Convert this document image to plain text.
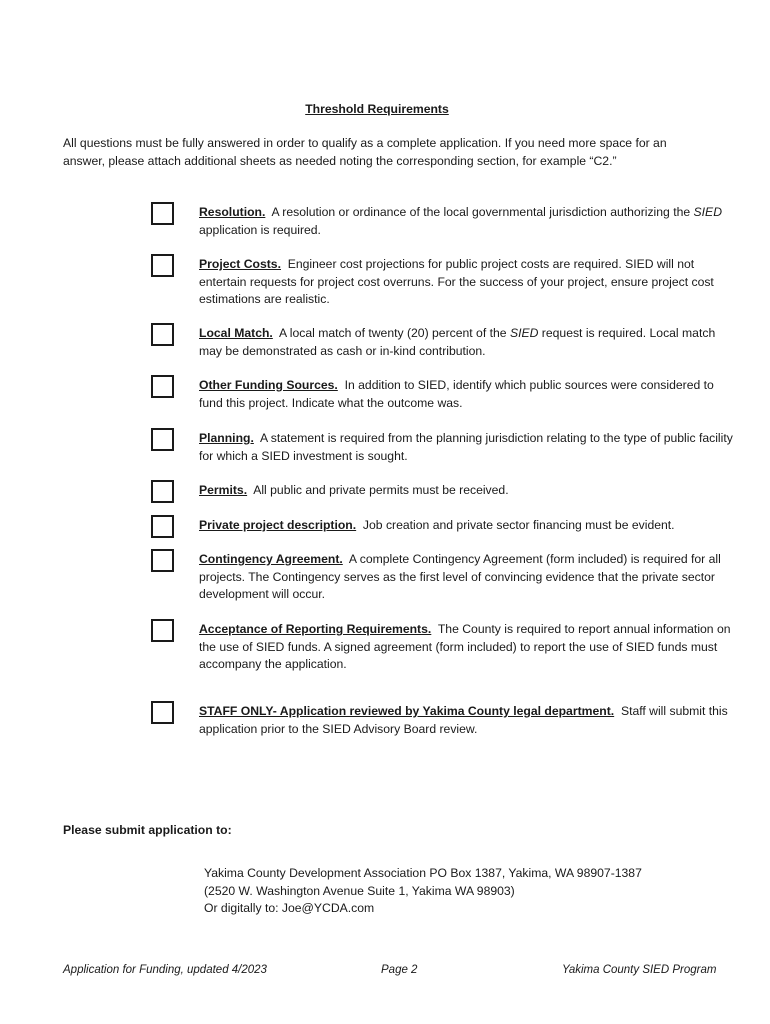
Threshold Requirements
All questions must be fully answered in order to qualify as a complete application. If you need more space for an answer, please attach additional sheets as needed noting the corresponding section, for example “C2.”
Resolution. A resolution or ordinance of the local governmental jurisdiction authorizing the SIED application is required.
Project Costs. Engineer cost projections for public project costs are required. SIED will not entertain requests for project cost overruns. For the success of your project, ensure project cost estimations are realistic.
Local Match. A local match of twenty (20) percent of the SIED request is required. Local match may be demonstrated as cash or in-kind contribution.
Other Funding Sources. In addition to SIED, identify which public sources were considered to fund this project. Indicate what the outcome was.
Planning. A statement is required from the planning jurisdiction relating to the type of public facility for which a SIED investment is sought.
Permits. All public and private permits must be received.
Private project description. Job creation and private sector financing must be evident.
Contingency Agreement. A complete Contingency Agreement (form included) is required for all projects. The Contingency serves as the first level of convincing evidence that the private sector development will occur.
Acceptance of Reporting Requirements. The County is required to report annual information on the use of SIED funds. A signed agreement (form included) to report the use of SIED funds must accompany the application.
STAFF ONLY- Application reviewed by Yakima County legal department. Staff will submit this application prior to the SIED Advisory Board review.
Please submit application to:
Yakima County Development Association PO Box 1387, Yakima, WA 98907-1387
(2520 W. Washington Avenue Suite 1, Yakima WA 98903)
Or digitally to: Joe@YCDA.com
Application for Funding, updated 4/2023	Page 2	Yakima County SIED Program
